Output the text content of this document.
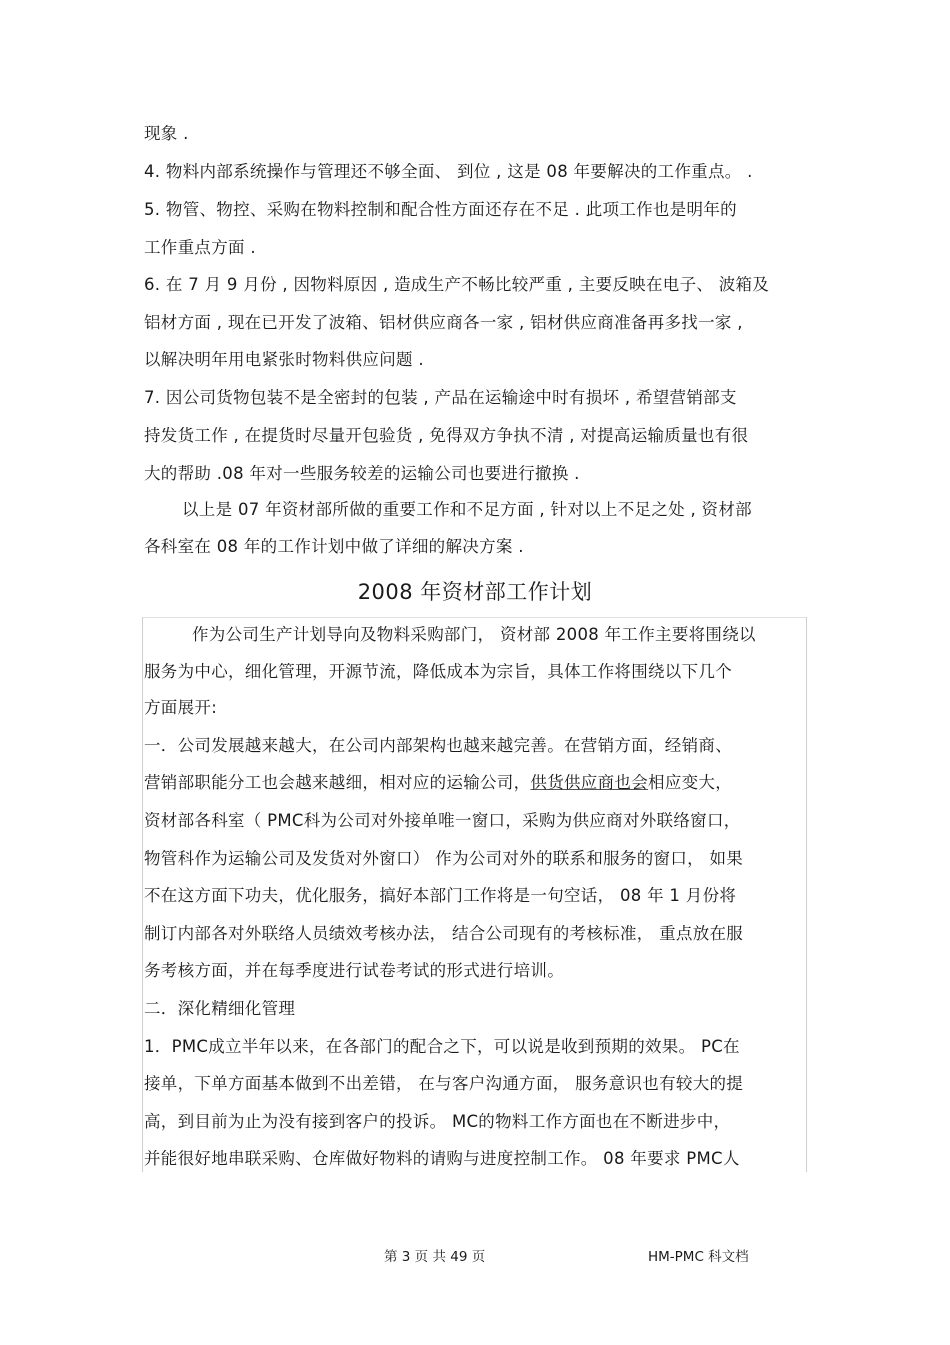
现象 .
4. 物料内部系统操作与管理还不够全面、 到位 , 这是 08 年要解决的工作重点。 .
5. 物管、物控、采购在物料控制和配合性方面还存在不足 . 此项工作也是明年的
工作重点方面 .
6. 在 7 月 9 月份 , 因物料原因 , 造成生产不畅比较严重 , 主要反映在电子、 波箱及
铝材方面 , 现在已开发了波箱、铝材供应商各一家 , 铝材供应商准备再多找一家 ,
以解决明年用电紧张时物料供应问题 .
7. 因公司货物包装不是全密封的包装 , 产品在运输途中时有损坏 , 希望营销部支
持发货工作 , 在提货时尽量开包验货 , 免得双方争执不清 , 对提高运输质量也有很
大的帮助 .08 年对一些服务较差的运输公司也要进行撤换 .
以上是 07 年资材部所做的重要工作和不足方面 , 针对以上不足之处 , 资材部
各科室在 08 年的工作计划中做了详细的解决方案 .
2008 年资材部工作计划
作为公司生产计划导向及物料采购部门， 资材部 2008 年工作主要将围绕以
服务为中心，细化管理，开源节流，降低成本为宗旨，具体工作将围绕以下几个
方面展开:
一．公司发展越来越大，在公司内部架构也越来越完善。在营销方面，经销商、
营销部职能分工也会越来越细，相对应的运输公司，供货供应商也会相应变大，
资材部各科室（ PMC科为公司对外接单唯一窗口，采购为供应商对外联络窗口，
物管科作为运输公司及发货对外窗口） 作为公司对外的联系和服务的窗口， 如果
不在这方面下功夫，优化服务，搞好本部门工作将是一句空话， 08 年 1 月份将
制订内部各对外联络人员绩效考核办法， 结合公司现有的考核标准， 重点放在服
务考核方面，并在每季度进行试卷考试的形式进行培训。
二．深化精细化管理
1．PMC成立半年以来，在各部门的配合之下，可以说是收到预期的效果。 PC在
接单，下单方面基本做到不出差错， 在与客户沟通方面， 服务意识也有较大的提
高，到目前为止为没有接到客户的投诉。 MC的物料工作方面也在不断进步中，
并能很好地串联采购、仓库做好物料的请购与进度控制工作。 08 年要求 PMC人
第 3 页 共 49 页	HM-PMC 科文档
